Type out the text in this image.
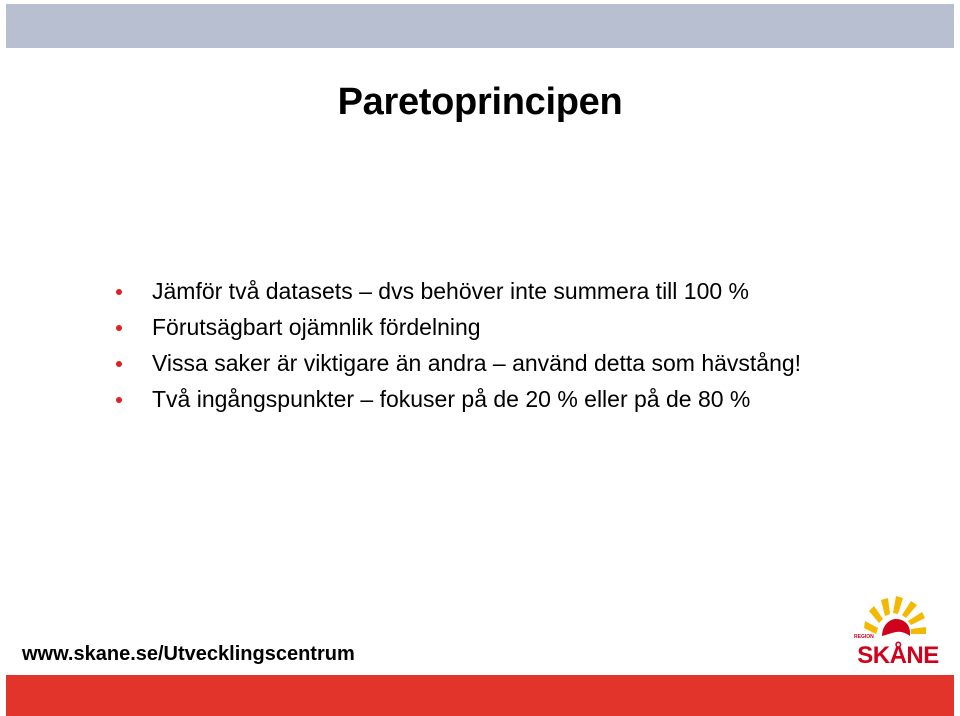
Paretoprincipen
Jämför två datasets – dvs behöver inte summera till 100 %
Förutsägbart ojämnlik fördelning
Vissa saker är viktigare än andra – använd detta som hävstång!
Två ingångspunkter – fokuser på de 20 % eller på de 80 %
www.skane.se/Utvecklingscentrum
REGION
SKÅNE
